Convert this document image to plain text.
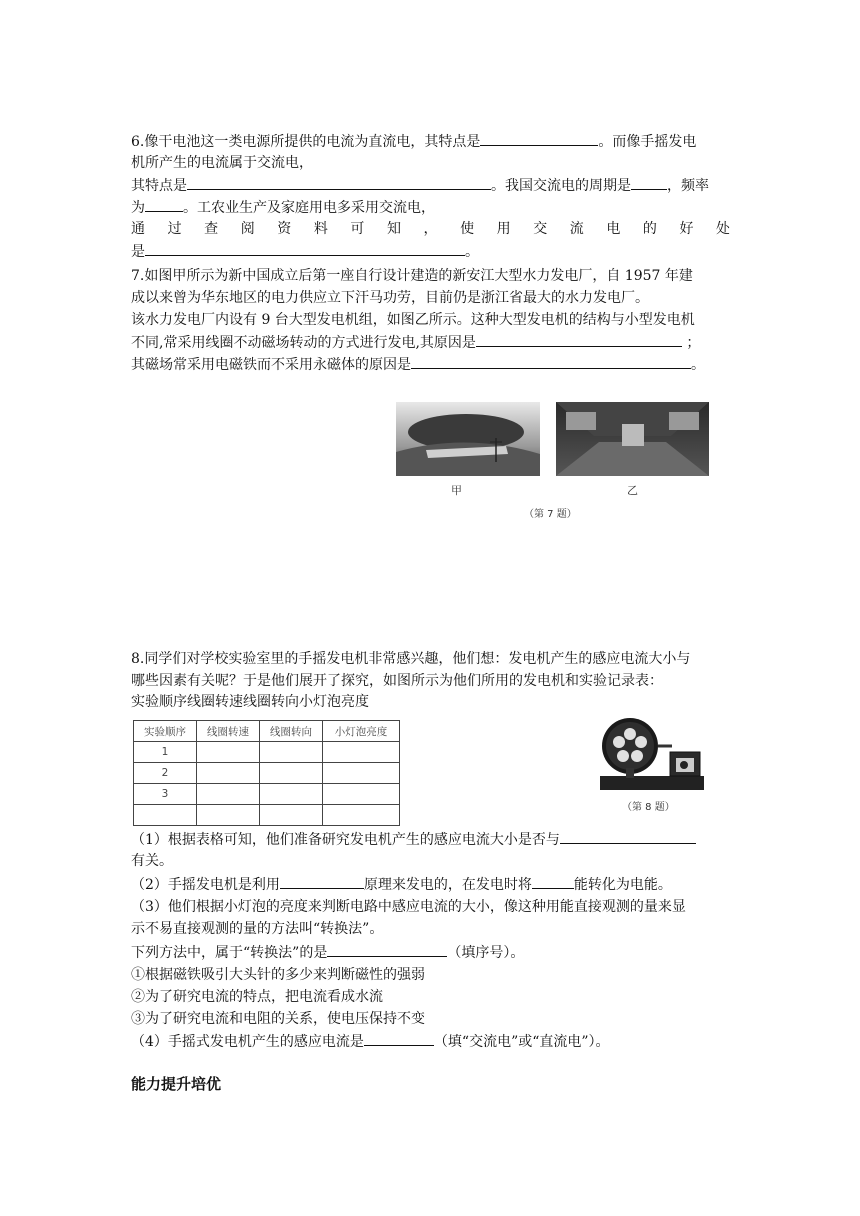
6.像干电池这一类电源所提供的电流为直流电，其特点是	。而像手摇发电
机所产生的电流属于交流电，
其特点是	。我国交流电的周期是	，频率
为	。工农业生产及家庭用电多采用交流电，
通 过 查 阅 资 料 可 知 ， 使 用 交 流 电 的 好 处
是	。
7.如图甲所示为新中国成立后第一座自行设计建造的新安江大型水力发电厂，自 1957 年建
成以来曾为华东地区的电力供应立下汗马功劳，目前仍是浙江省最大的水力发电厂。
该水力发电厂内设有 9 台大型发电机组，如图乙所示。这种大型发电机的结构与小型发电机
不同,常采用线圈不动磁场转动的方式进行发电,其原因是	；
其磁场常采用电磁铁而不采用永磁体的原因是	。
甲	乙
（第 7 题）
8.同学们对学校实验室里的手摇发电机非常感兴趣，他们想：发电机产生的感应电流大小与
哪些因素有关呢？于是他们展开了探究，如图所示为他们所用的发电机和实验记录表：
实验顺序线圈转速线圈转向小灯泡亮度
实验顺序	线圈转速	线圈转向	小灯泡亮度
1			
2			
3			

（第 8 题）
（1）根据表格可知，他们准备研究发电机产生的感应电流大小是否与
有关。
（2）手摇发电机是利用	原理来发电的，在发电时将	能转化为电能。
（3）他们根据小灯泡的亮度来判断电路中感应电流的大小，像这种用能直接观测的量来显
示不易直接观测的量的方法叫“转换法”。
下列方法中，属于“转换法”的是	（填序号）。
①根据磁铁吸引大头针的多少来判断磁性的强弱
②为了研究电流的特点，把电流看成水流
③为了研究电流和电阻的关系，使电压保持不变
（4）手摇式发电机产生的感应电流是	（填“交流电”或“直流电”）。
能力提升培优
